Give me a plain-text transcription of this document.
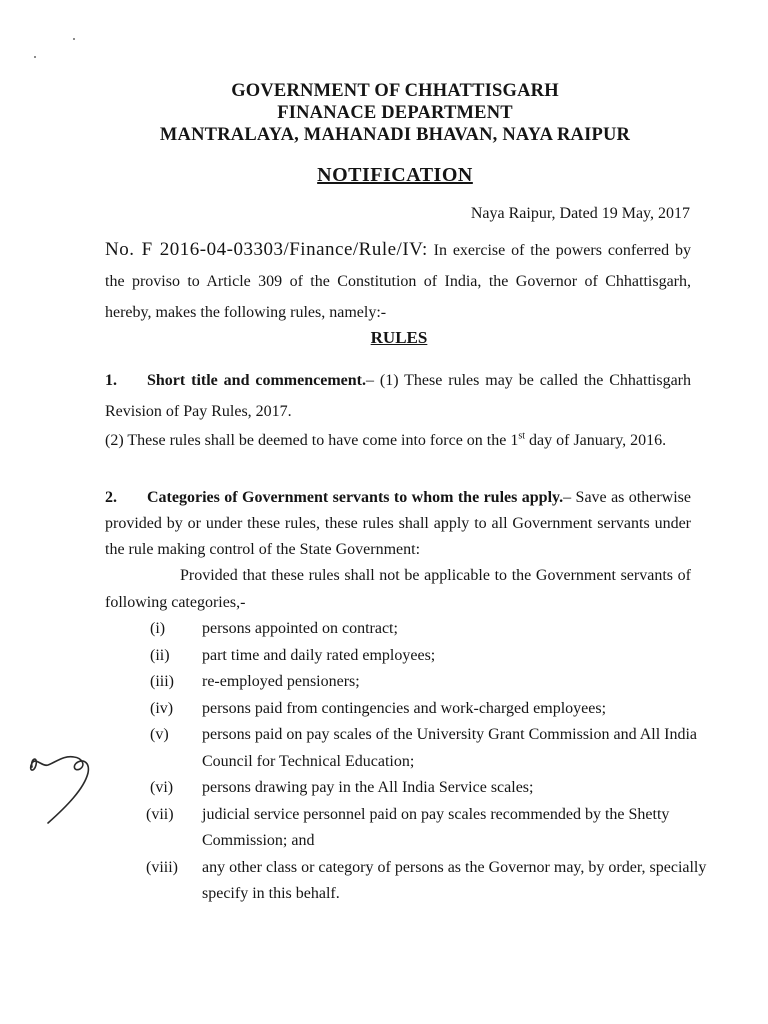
GOVERNMENT OF CHHATTISGARH
FINANACE DEPARTMENT
MANTRALAYA, MAHANADI BHAVAN, NAYA RAIPUR
NOTIFICATION
Naya Raipur, Dated 19 May, 2017
No. F 2016-04-03303/Finance/Rule/IV: In exercise of the powers conferred by the proviso to Article 309 of the Constitution of India, the Governor of Chhattisgarh, hereby, makes the following rules, namely:-
RULES
1. Short title and commencement.– (1) These rules may be called the Chhattisgarh Revision of Pay Rules, 2017.
(2) These rules shall be deemed to have come into force on the 1st day of January, 2016.
2. Categories of Government servants to whom the rules apply.– Save as otherwise provided by or under these rules, these rules shall apply to all Government servants under the rule making control of the State Government:
Provided that these rules shall not be applicable to the Government servants of following categories,-
(i)	persons appointed on contract;
(ii)	part time and daily rated employees;
(iii)	re-employed pensioners;
(iv)	persons paid from contingencies and work-charged employees;
(v)	persons paid on pay scales of the University Grant Commission and All India Council for Technical Education;
(vi)	persons drawing pay in the All India Service scales;
(vii)	judicial service personnel paid on pay scales recommended by the Shetty Commission; and
(viii)	any other class or category of persons as the Governor may, by order, specially specify in this behalf.
